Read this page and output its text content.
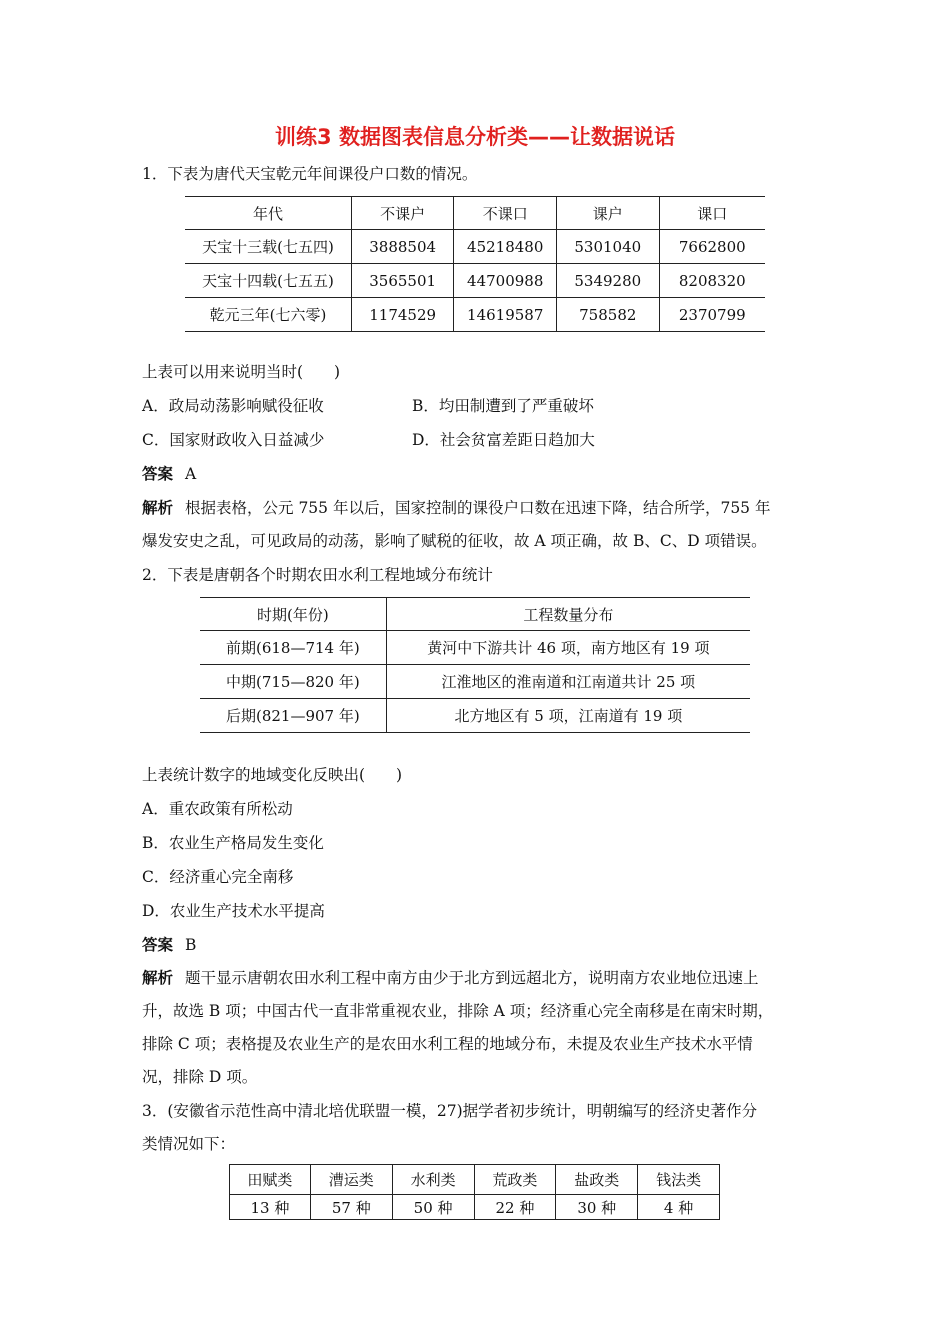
训练3 数据图表信息分析类——让数据说话
1．下表为唐代天宝乾元年间课役户口数的情况。
年代	不课户	不课口	课户	课口
天宝十三载(七五四)	3888504	45218480	5301040	7662800
天宝十四载(七五五)	3565501	44700988	5349280	8208320
乾元三年(七六零)	1174529	14619587	758582	2370799
上表可以用来说明当时(　　)
A．政局动荡影响赋役征收	B．均田制遭到了严重破坏
C．国家财政收入日益减少	D．社会贫富差距日趋加大
答案 A
解析 根据表格，公元 755 年以后，国家控制的课役户口数在迅速下降，结合所学，755 年
爆发安史之乱，可见政局的动荡，影响了赋税的征收，故 A 项正确，故 B、C、D 项错误。
2．下表是唐朝各个时期农田水利工程地域分布统计
时期(年份)	工程数量分布
前期(618—714 年)	黄河中下游共计 46 项，南方地区有 19 项
中期(715—820 年)	江淮地区的淮南道和江南道共计 25 项
后期(821—907 年)	北方地区有 5 项，江南道有 19 项
上表统计数字的地域变化反映出(　　)
A．重农政策有所松动
B．农业生产格局发生变化
C．经济重心完全南移
D．农业生产技术水平提高
答案 B
解析 题干显示唐朝农田水利工程中南方由少于北方到远超北方，说明南方农业地位迅速上
升，故选 B 项；中国古代一直非常重视农业，排除 A 项；经济重心完全南移是在南宋时期，
排除 C 项；表格提及农业生产的是农田水利工程的地域分布，未提及农业生产技术水平情
况，排除 D 项。
3．(安徽省示范性高中清北培优联盟一模，27)据学者初步统计，明朝编写的经济史著作分
类情况如下：
田赋类	漕运类	水利类	荒政类	盐政类	钱法类
13 种	57 种	50 种	22 种	30 种	4 种
